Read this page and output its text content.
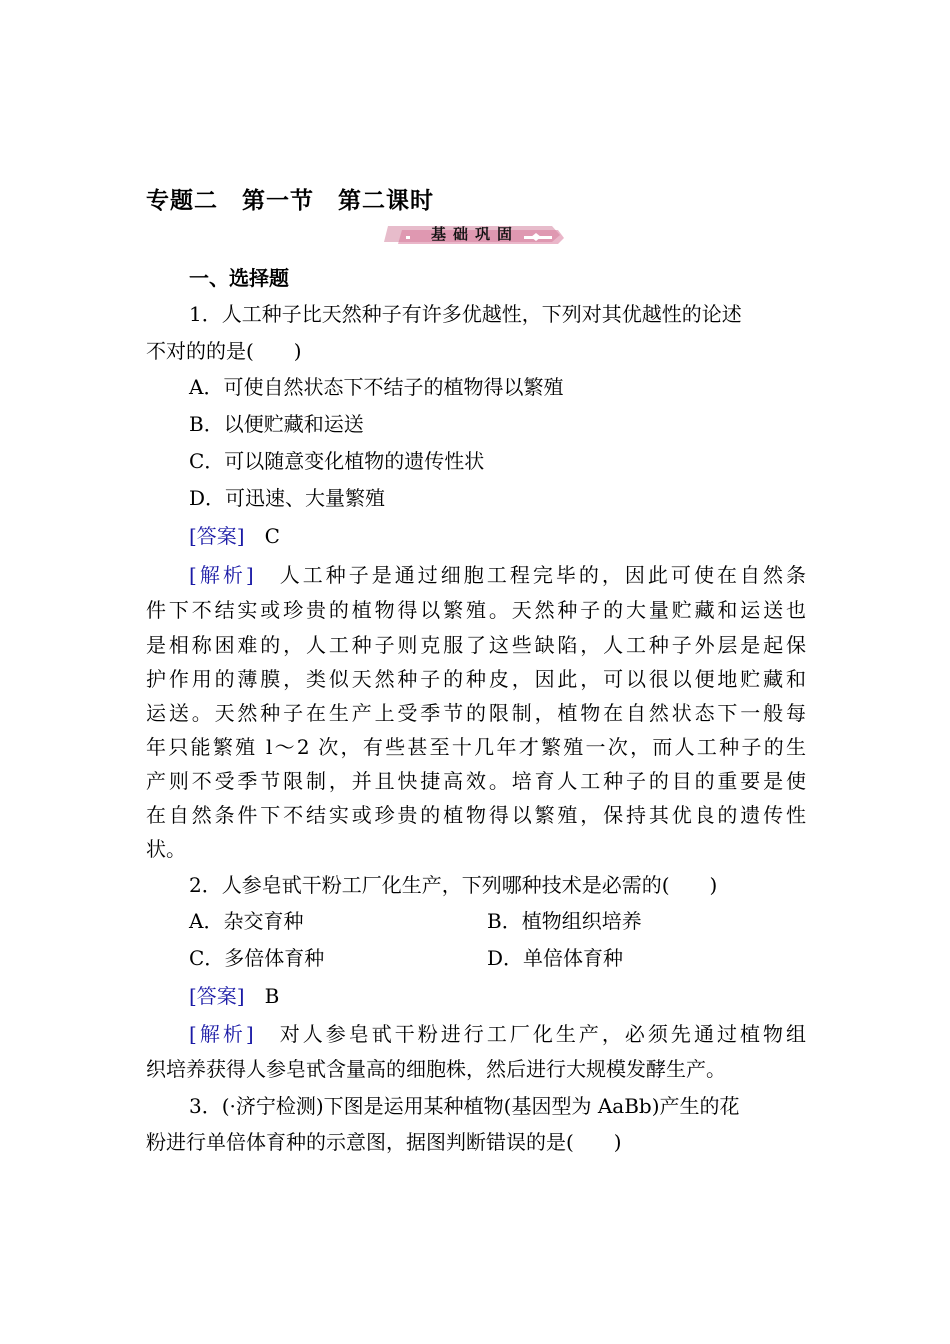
专题二　第一节　第二课时
基础巩固
一、选择题
1．人工种子比天然种子有许多优越性，下列对其优越性的论述
不对的的是(　　)
A．可使自然状态下不结子的植物得以繁殖
B．以便贮藏和运送
C．可以随意变化植物的遗传性状
D．可迅速、大量繁殖
[答案]　 C
[解析]　 人工种子是通过细胞工程完毕的，因此可使在自然条
件下不结实或珍贵的植物得以繁殖。天然种子的大量贮藏和运送也
是相称困难的，人工种子则克服了这些缺陷，人工种子外层是起保
护作用的薄膜，类似天然种子的种皮，因此，可以很以便地贮藏和
运送。天然种子在生产上受季节的限制，植物在自然状态下一般每
年只能繁殖 l～2 次，有些甚至十几年才繁殖一次，而人工种子的生
产则不受季节限制，并且快捷高效。培育人工种子的目的重要是使
在自然条件下不结实或珍贵的植物得以繁殖，保持其优良的遗传性
状。
2．人参皂甙干粉工厂化生产，下列哪种技术是必需的(　　)
A．杂交育种	B．植物组织培养
C．多倍体育种	D．单倍体育种
[答案]　 B
[解析]　 对人参皂甙干粉进行工厂化生产，必须先通过植物组
织培养获得人参皂甙含量高的细胞株，然后进行大规模发酵生产。
3．(·济宁检测)下图是运用某种植物(基因型为 AaBb)产生的花
粉进行单倍体育种的示意图，据图判断错误的是(　　)
